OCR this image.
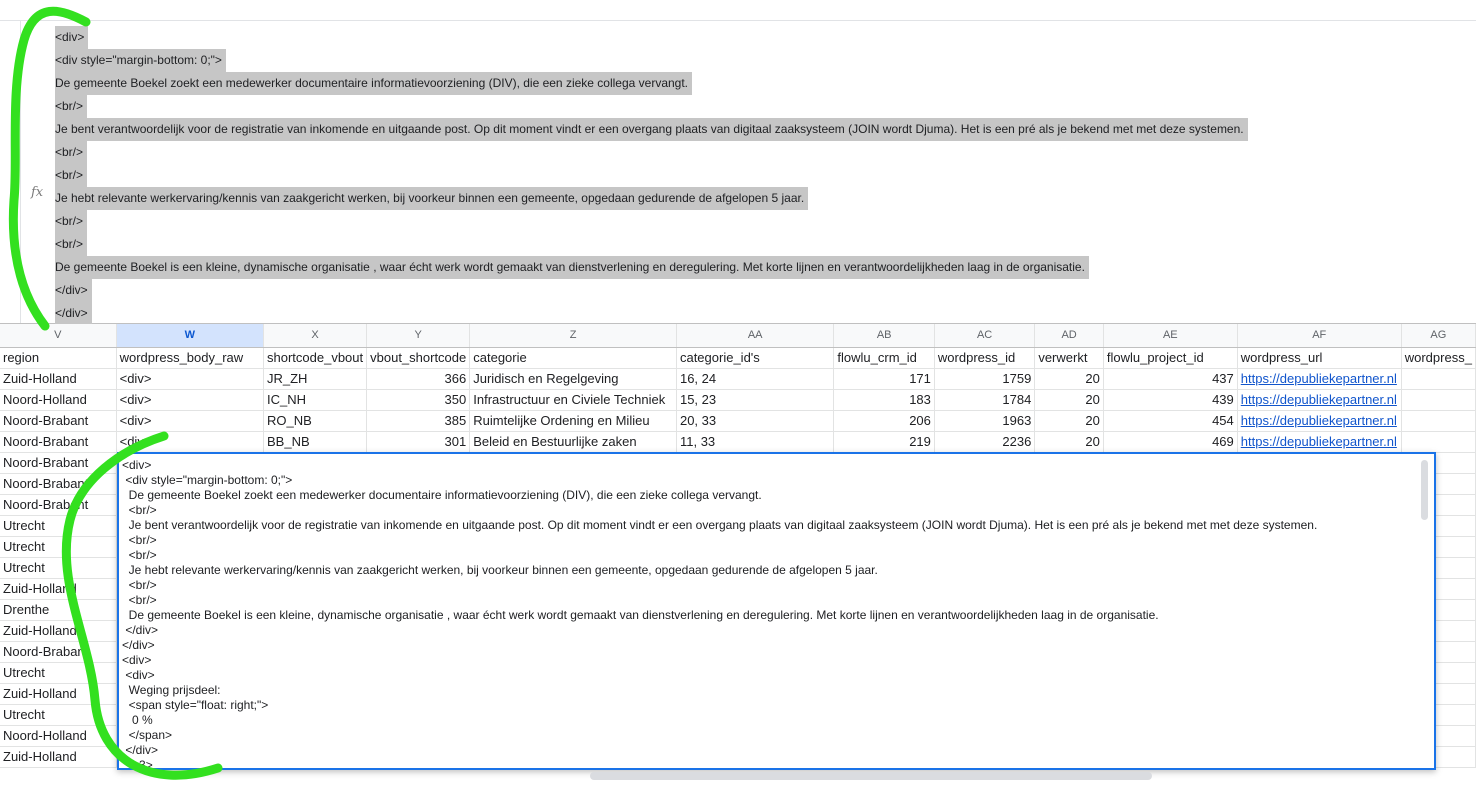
fx
<div>
<div style="margin-bottom: 0;">
De gemeente Boekel zoekt een medewerker documentaire informatievoorziening (DIV), die een zieke collega vervangt.
<br/>
Je bent verantwoordelijk voor de registratie van inkomende en uitgaande post. Op dit moment vindt er een overgang plaats van digitaal zaaksysteem (JOIN wordt Djuma). Het is een pré als je bekend met met deze systemen.
<br/>
<br/>
Je hebt relevante werkervaring/kennis van zaakgericht werken, bij voorkeur binnen een gemeente, opgedaan gedurende de afgelopen 5 jaar.
<br/>
<br/>
De gemeente Boekel is een kleine, dynamische organisatie , waar écht werk wordt gemaakt van dienstverlening en deregulering. Met korte lijnen en verantwoordelijkheden laag in de organisatie.
</div>
</div>
V	W	X	Y	Z	AA	AB	AC	AD	AE	AF	AG
region	wordpress_body_raw	shortcode_vbout	vbout_shortcode	categorie	categorie_id's	flowlu_crm_id	wordpress_id	verwerkt	flowlu_project_id	wordpress_url	wordpress_
Zuid-Holland	<div>	JR_ZH	366	Juridisch en Regelgeving	16, 24	171	1759	20	437	https://depubliekepartner.nl	
Noord-Holland	<div>	IC_NH	350	Infrastructuur en Civiele Techniek	15, 23	183	1784	20	439	https://depubliekepartner.nl	
Noord-Brabant	<div>	RO_NB	385	Ruimtelijke Ordening en Milieu	20, 33	206	1963	20	454	https://depubliekepartner.nl	
Noord-Brabant	<div>	BB_NB	301	Beleid en Bestuurlijke zaken	11, 33	219	2236	20	469	https://depubliekepartner.nl	
Noord-Brabant											
Noord-Brabant											
Noord-Brabant											
Utrecht											
Utrecht											
Utrecht											
Zuid-Holland											
Drenthe											
Zuid-Holland											
Noord-Brabant											
Utrecht											
Zuid-Holland											
Utrecht											
Noord-Holland											
Zuid-Holland											
<div>
<div style="margin-bottom: 0;">
De gemeente Boekel zoekt een medewerker documentaire informatievoorziening (DIV), die een zieke collega vervangt.
<br/>
Je bent verantwoordelijk voor de registratie van inkomende en uitgaande post. Op dit moment vindt er een overgang plaats van digitaal zaaksysteem (JOIN wordt Djuma). Het is een pré als je bekend met met deze systemen.
<br/>
<br/>
Je hebt relevante werkervaring/kennis van zaakgericht werken, bij voorkeur binnen een gemeente, opgedaan gedurende de afgelopen 5 jaar.
<br/>
<br/>
De gemeente Boekel is een kleine, dynamische organisatie , waar écht werk wordt gemaakt van dienstverlening en deregulering. Met korte lijnen en verantwoordelijkheden laag in de organisatie.
</div>
</div>
<div>
<div>
Weging prijsdeel:
<span style="float: right;">
0 %
</span>
</div>
<h3>
